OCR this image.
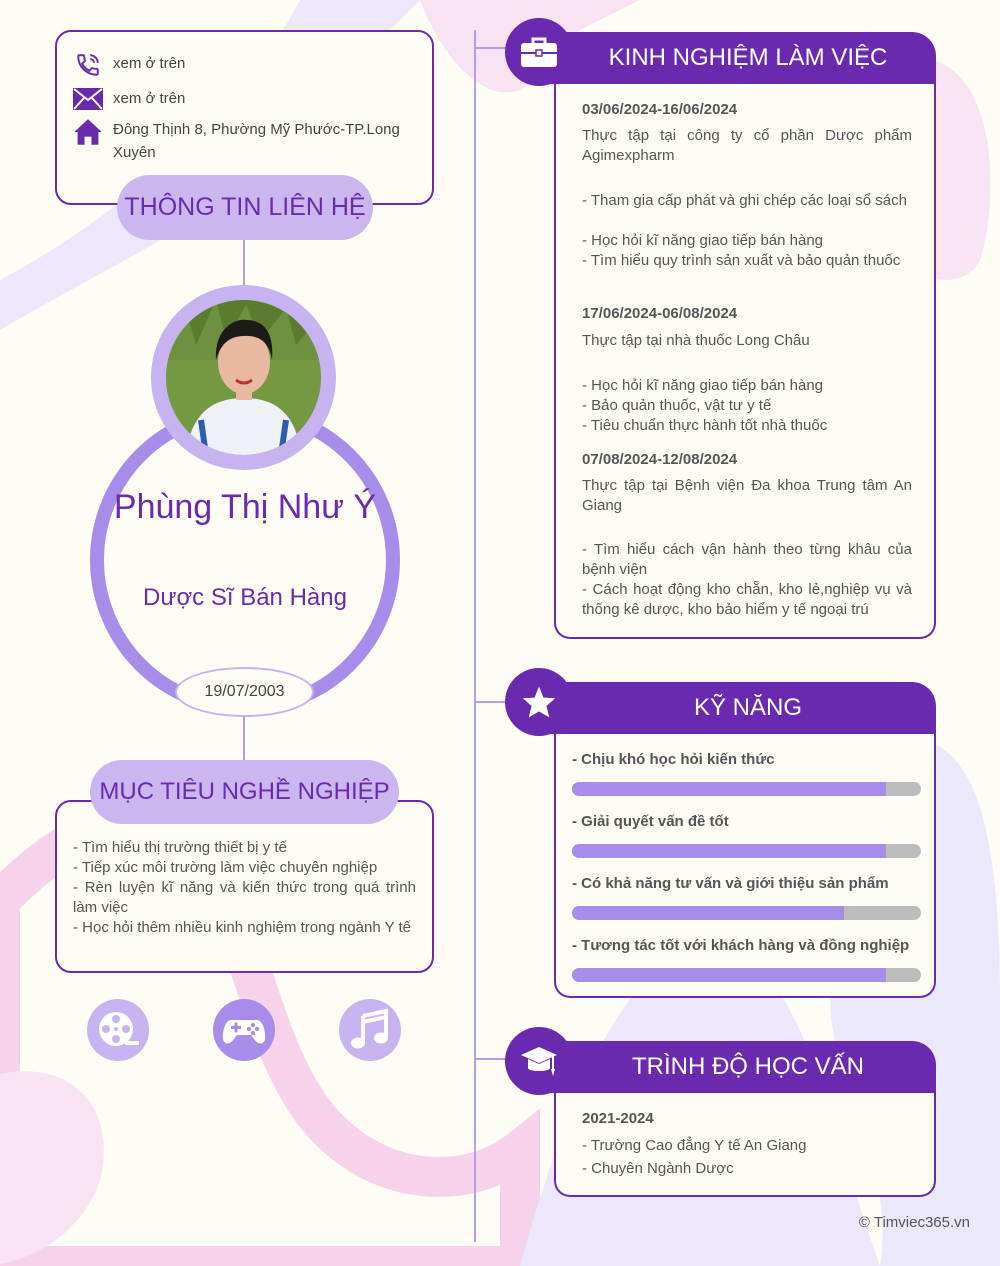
xem ở trên
xem ở trên
Đông Thịnh 8, Phường Mỹ Phước-TP.Long Xuyên
THÔNG TIN LIÊN HỆ
Phùng Thị Như Ý
Dược Sĩ Bán Hàng
19/07/2003
- Tìm hiểu thị trường thiết bị y tế
- Tiếp xúc môi trường làm việc chuyên nghiệp
- Rèn luyện kĩ năng và kiến thức trong quá trình làm việc
- Học hỏi thêm nhiều kinh nghiệm trong ngành Y tế
MỤC TIÊU NGHỀ NGHIỆP
KINH NGHIỆM LÀM VIỆC
03/06/2024-16/06/2024
Thực tập tại công ty cổ phần Dược phẩm Agimexpharm
- Tham gia cấp phát và ghi chép các loại sổ sách
- Học hỏi kĩ năng giao tiếp bán hàng
- Tìm hiểu quy trình sản xuất và bảo quản thuốc
17/06/2024-06/08/2024
Thực tập tại nhà thuốc Long Châu
- Học hỏi kĩ năng giao tiếp bán hàng
- Bảo quản thuốc, vật tư y tế
- Tiêu chuẩn thực hành tốt nhà thuốc
07/08/2024-12/08/2024
Thực tập tại Bệnh viện Đa khoa Trung tâm An Giang
- Tìm hiểu cách vận hành theo từng khâu của bệnh viện
- Cách hoạt động kho chẵn, kho lẻ,nghiệp vụ và thống kê dược, kho bảo hiểm y tế ngoại trú
KỸ NĂNG
- Chịu khó học hỏi kiến thức
- Giải quyết vấn đề tốt
- Có khả năng tư vấn và giới thiệu sản phẩm
- Tương tác tốt với khách hàng và đồng nghiệp
TRÌNH ĐỘ HỌC VẤN
2021-2024
- Trường Cao đẳng Y tế An Giang
- Chuyên Ngành Dược
© Timviec365.vn
